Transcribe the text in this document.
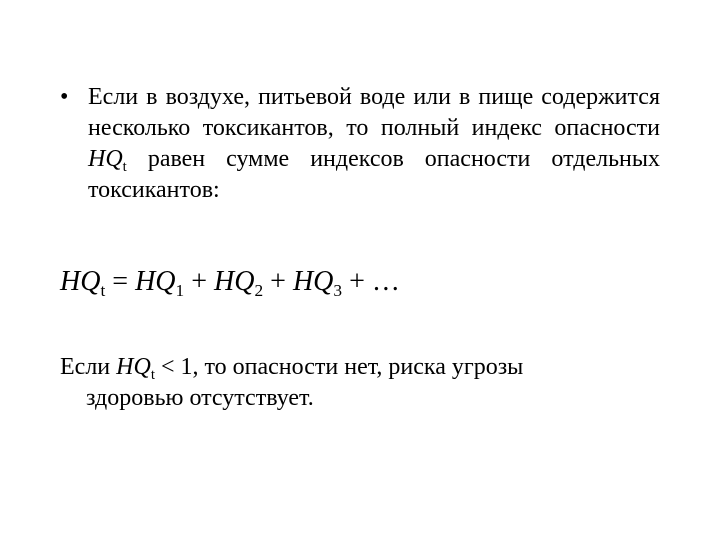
• Если в воздухе, питьевой воде или в пище содержится несколько токсикантов, то полный индекс опасности $HQ_t$ равен сумме индексов опасности отдельных токсикантов:
$HQ_t = HQ_1 + HQ_2 + HQ_3$ + …
Если $HQ_t < 1$, то опасности нет, риска угрозы
здоровью отсутствует.
